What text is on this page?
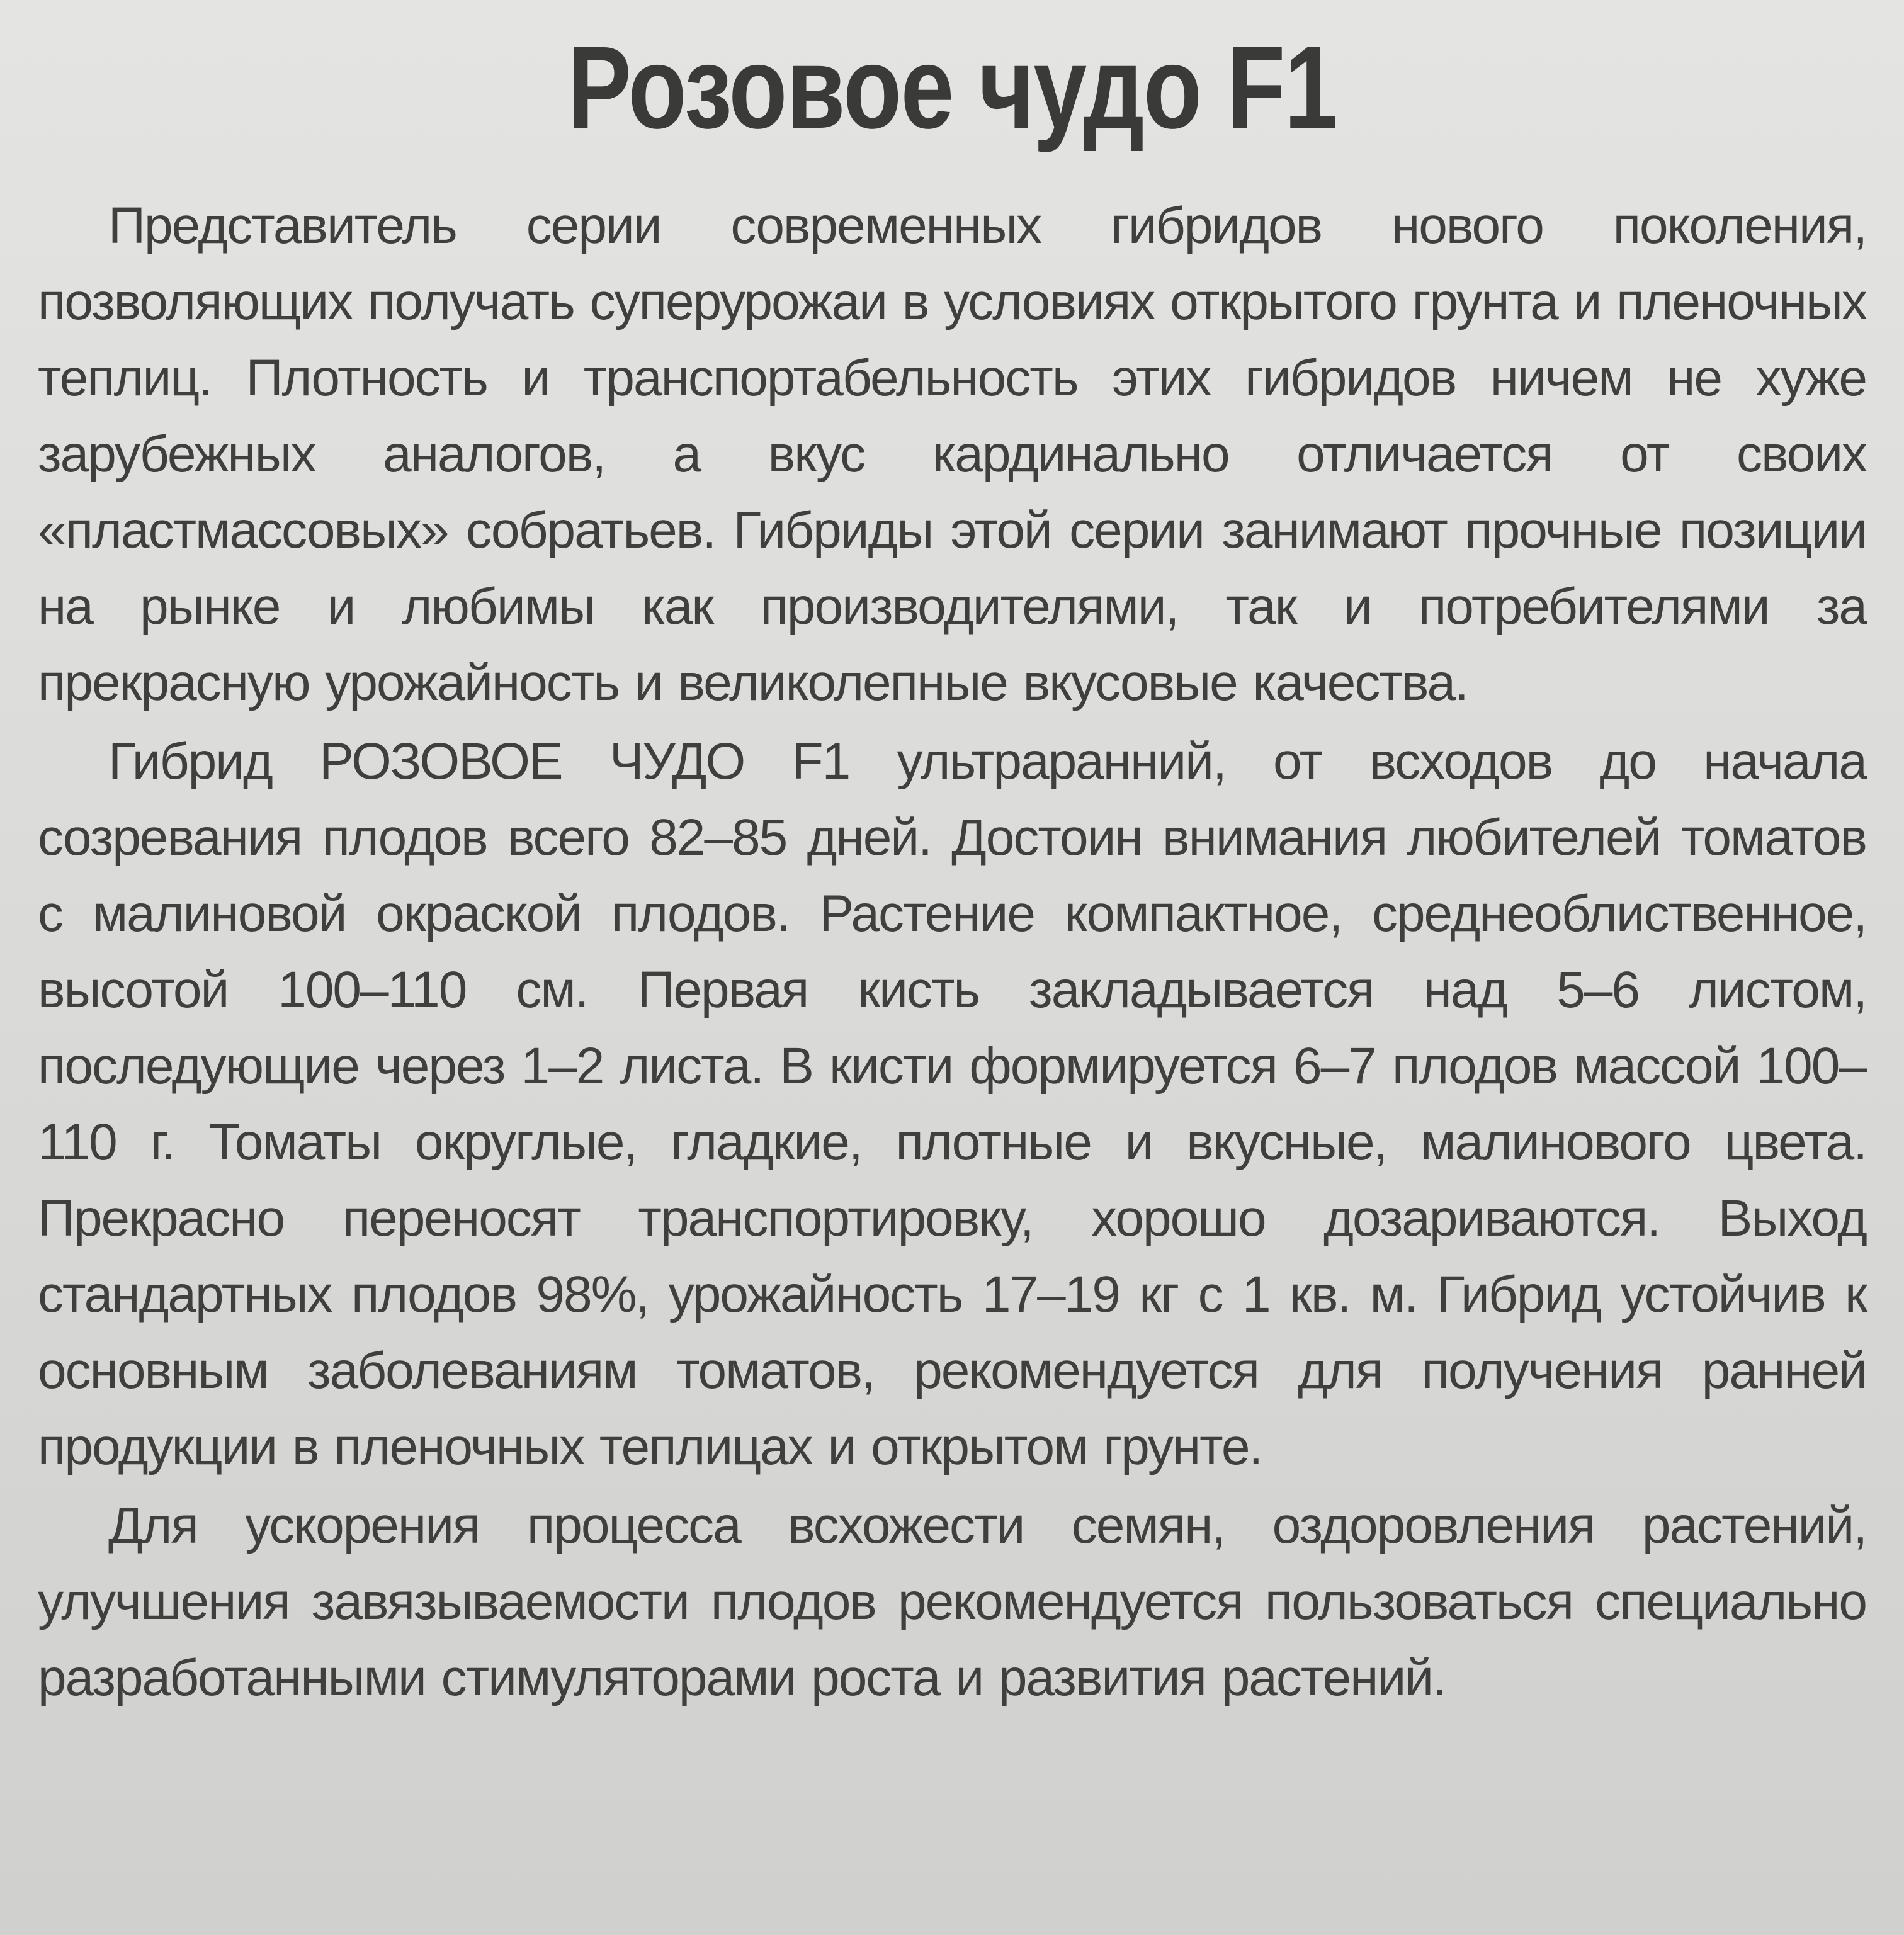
Розовое чудо F1

Представитель серии современных гибридов нового поколения, позволяющих получать суперурожаи в условиях открытого грунта и пленочных теплиц. Плотность и транспортабельность этих гибридов ничем не хуже зарубежных аналогов, а вкус кардинально отличается от своих «пластмассовых» собратьев. Гибриды этой серии занимают прочные позиции на рынке и любимы как производителями, так и потребителями за прекрасную урожайность и великолепные вкусовые качества.

Гибрид РОЗОВОЕ ЧУДО F1 ультраранний, от всходов до начала созревания плодов всего 82–85 дней. Достоин внимания любителей томатов с малиновой окраской плодов. Растение компактное, среднеоблиственное, высотой 100–110 см. Первая кисть закладывается над 5–6 листом, последующие через 1–2 листа. В кисти формируется 6–7 плодов массой 100–110 г. Томаты округлые, гладкие, плотные и вкусные, малинового цвета. Прекрасно переносят транспортировку, хорошо дозариваются. Выход стандартных плодов 98%, урожайность 17–19 кг с 1 кв. м. Гибрид устойчив к основным заболеваниям томатов, рекомендуется для получения ранней продукции в пленочных теплицах и открытом грунте.

Для ускорения процесса всхожести семян, оздоровления растений, улучшения завязываемости плодов рекомендуется пользоваться специально разработанными стимуляторами роста и развития растений.
